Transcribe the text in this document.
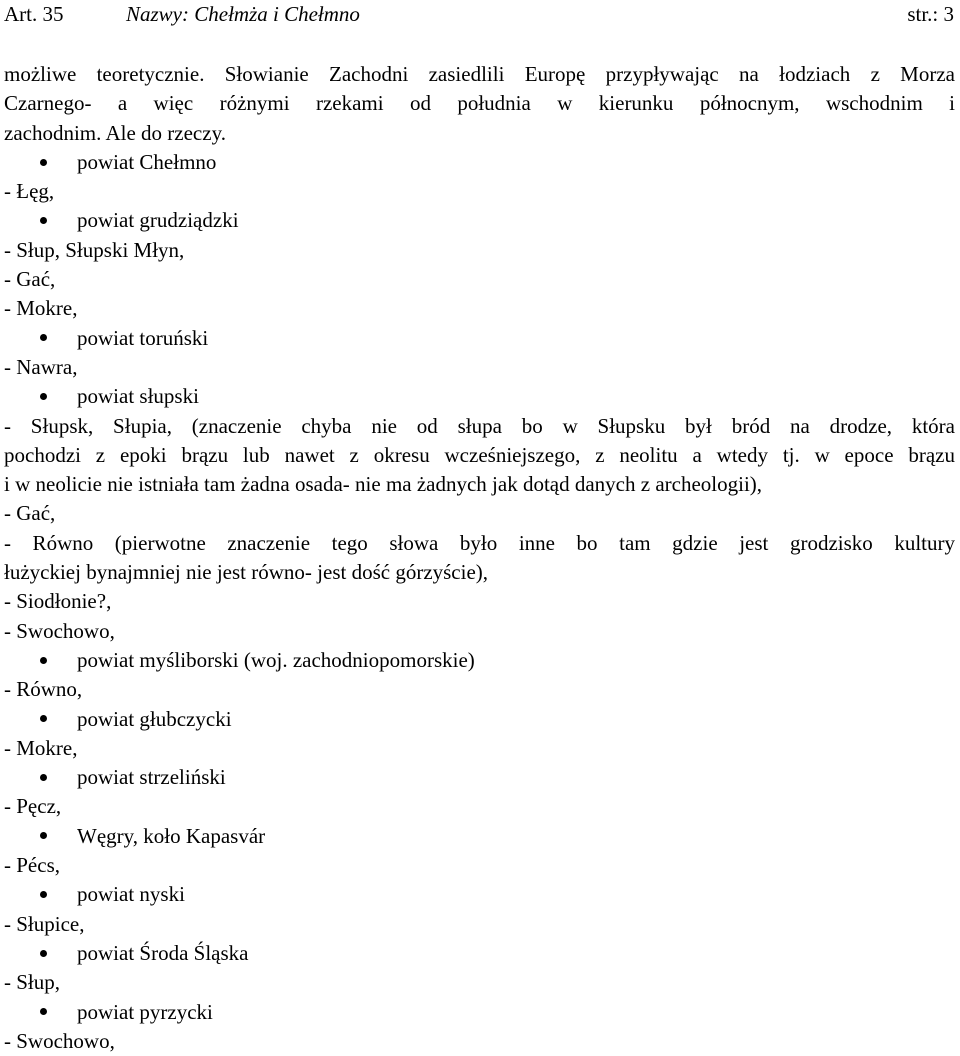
Art. 35	Nazwy: Chełmża i Chełmno	str.: 3
możliwe teoretycznie. Słowianie Zachodni zasiedlili Europę przypływając na łodziach z Morza
Czarnego- a więc różnymi rzekami od południa w kierunku północnym, wschodnim i
zachodnim. Ale do rzeczy.
powiat Chełmno
- Łęg,
powiat grudziądzki
- Słup, Słupski Młyn,
- Gać,
- Mokre,
powiat toruński
- Nawra,
powiat słupski
- Słupsk, Słupia, (znaczenie chyba nie od słupa bo w Słupsku był bród na drodze, która
pochodzi z epoki brązu lub nawet z okresu wcześniejszego, z neolitu a wtedy tj. w epoce brązu
i w neolicie nie istniała tam żadna osada- nie ma żadnych jak dotąd danych z archeologii),
- Gać,
- Równo (pierwotne znaczenie tego słowa było inne bo tam gdzie jest grodzisko kultury
łużyckiej bynajmniej nie jest równo- jest dość górzyście),
- Siodłonie?,
- Swochowo,
powiat myśliborski (woj. zachodniopomorskie)
- Równo,
powiat głubczycki
- Mokre,
powiat strzeliński
- Pęcz,
Węgry, koło Kapasvár
- Pécs,
powiat nyski
- Słupice,
powiat Środa Śląska
- Słup,
powiat pyrzycki
- Swochowo,
